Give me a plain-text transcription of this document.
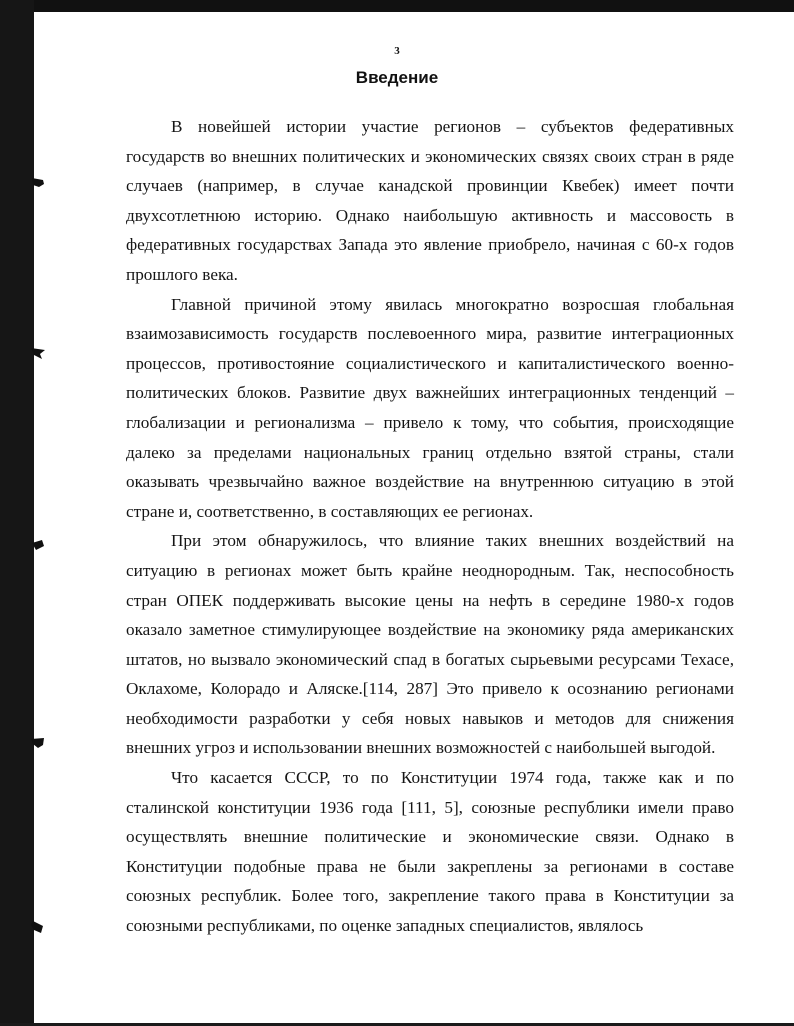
3
Введение

В новейшей истории участие регионов – субъектов федеративных государств во внешних политических и экономических связях своих стран в ряде случаев (например, в случае канадской провинции Квебек) имеет почти двухсотлетнюю историю. Однако наибольшую активность и массовость в федеративных государствах Запада это явление приобрело, начиная с 60-х годов прошлого века.

Главной причиной этому явилась многократно возросшая глобальная взаимозависимость государств послевоенного мира, развитие интеграционных процессов, противостояние социалистического и капиталистического военно-политических блоков. Развитие двух важнейших интеграционных тенденций – глобализации и регионализма – привело к тому, что события, происходящие далеко за пределами национальных границ отдельно взятой страны, стали оказывать чрезвычайно важное воздействие на внутреннюю ситуацию в этой стране и, соответственно, в составляющих ее регионах.

При этом обнаружилось, что влияние таких внешних воздействий на ситуацию в регионах может быть крайне неоднородным. Так, неспособность стран ОПЕК поддерживать высокие цены на нефть в середине 1980-х годов оказало заметное стимулирующее воздействие на экономику ряда американских штатов, но вызвало экономический спад в богатых сырьевыми ресурсами Техасе, Оклахоме, Колорадо и Аляске.[114, 287] Это привело к осознанию регионами необходимости разработки у себя новых навыков и методов для снижения внешних угроз и использовании внешних возможностей с наибольшей выгодой.

Что касается СССР, то по Конституции 1974 года, также как и по сталинской конституции 1936 года [111, 5], союзные республики имели право осуществлять внешние политические и экономические связи. Однако в Конституции подобные права не были закреплены за регионами в составе союзных республик. Более того, закрепление такого права в Конституции за союзными республиками, по оценке западных специалистов, являлось
